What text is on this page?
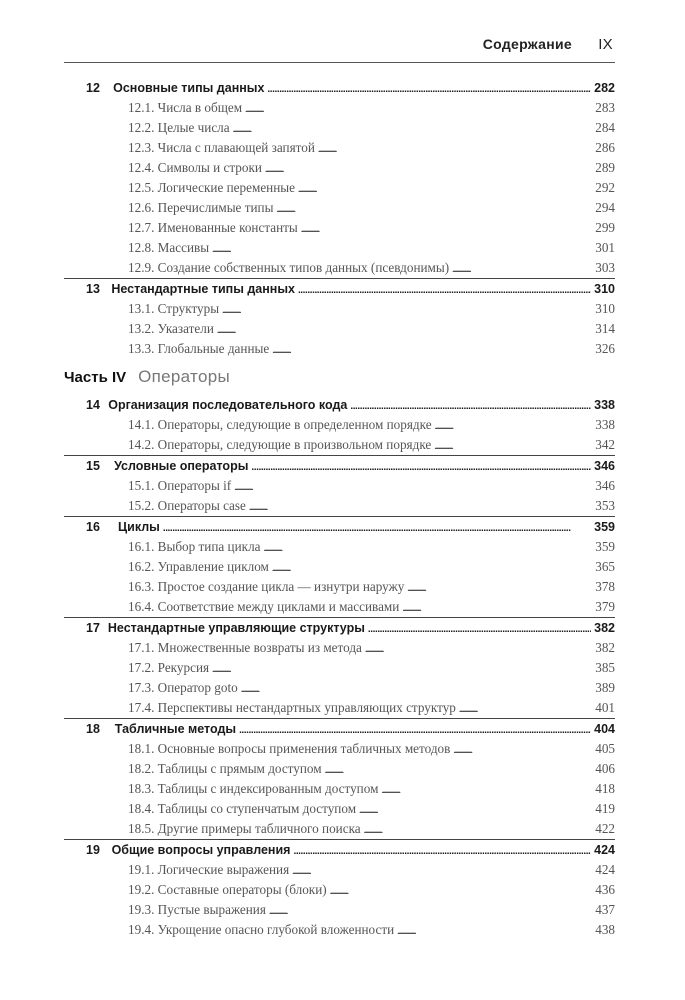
Содержание IX
12	Основные типы данных . . .	282
12.1. Числа в общем . . .	283
12.2. Целые числа . . .	284
12.3. Числа с плавающей запятой . . .	286
12.4. Символы и строки . . .	289
12.5. Логические переменные . . .	292
12.6. Перечислимые типы . . .	294
12.7. Именованные константы . . .	299
12.8. Массивы . . .	301
12.9. Создание собственных типов данных (псевдонимы) . . .	303
13 Нестандартные типы данных . . .	310
13.1. Структуры . . .	310
13.2. Указатели . . .	314
13.3. Глобальные данные . . .	326
Часть IV Операторы
14 Организация последовательного кода . . .	338
14.1. Операторы, следующие в определенном порядке . . .	338
14.2. Операторы, следующие в произвольном порядке . . .	342
15	Условные операторы . . .	346
15.1. Операторы if . . .	346
15.2. Операторы case . . .	353
16	Циклы . . .	359
16.1. Выбор типа цикла . . .	359
16.2. Управление циклом . . .	365
16.3. Простое создание цикла — изнутри наружу . . .	378
16.4. Соответствие между циклами и массивами . . .	379
17 Нестандартные управляющие структуры . . .	382
17.1. Множественные возвраты из метода . . .	382
17.2. Рекурсия . . .	385
17.3. Оператор goto . . .	389
17.4. Перспективы нестандартных управляющих структур . . .	401
18	Табличные методы . . .	404
18.1. Основные вопросы применения табличных методов . . .	405
18.2. Таблицы с прямым доступом . . .	406
18.3. Таблицы с индексированным доступом . . .	418
18.4. Таблицы со ступенчатым доступом . . .	419
18.5. Другие примеры табличного поиска . . .	422
19 Общие вопросы управления . . .	424
19.1. Логические выражения . . .	424
19.2. Составные операторы (блоки) . . .	436
19.3. Пустые выражения . . .	437
19.4. Укрощение опасно глубокой вложенности . . .	438
